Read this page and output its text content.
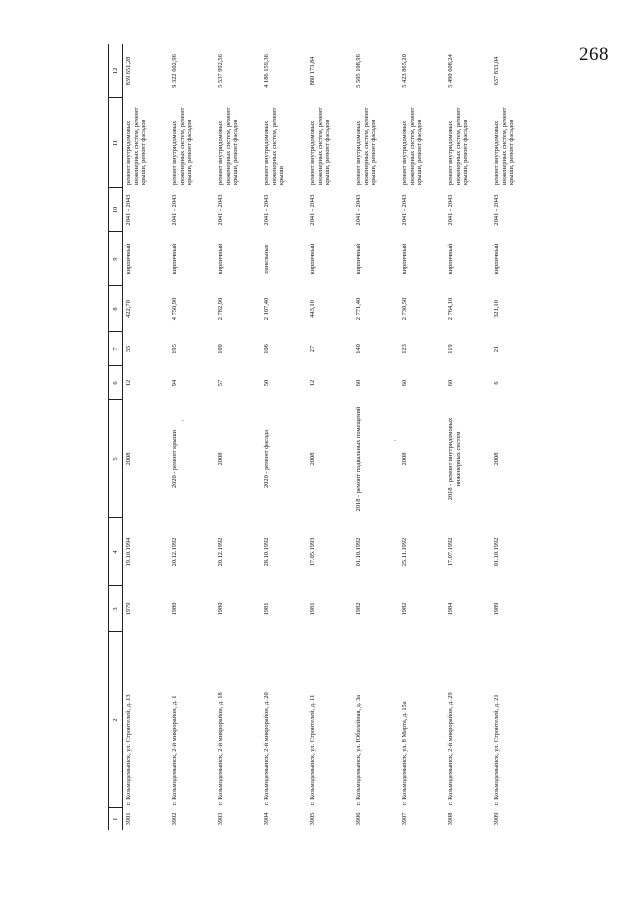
268
1	2	3	4	5	6	7	8	9	10	11	12
3901	г. Козьмодемьянск, ул. Строителей, д. 13	1979	19.10.1994	2008	12	35	422,70	кирпичный	2041 - 2043	ремонт внутридомовых инженерных систем, ремонт крыши, ремонт фасадов	839 651,28
3902	г. Козьмодемьянск, 2-й микрорайон, д. 1	1980	20.12.1992	2020 - ремонт крыши	94	195	4 750,90	кирпичный	2041 - 2043	ремонт внутридомовых инженерных систем, ремонт крыши, ремонт фасадов	9 322 602,96
3903	г. Козьмодемьянск, 2-й микрорайон, д. 18	1980	20.12.1992	2008	57	109	2 782,90	кирпичный	2041 - 2043	ремонт внутридомовых инженерных систем, ремонт крыши, ремонт фасадов	5 537 992,56
3904	г. Козьмодемьянск, 2-й микрорайон, д. 20	1981	28.10.1992	2020 - ремонт фасада	50	106	2 107,40	панельные	2041 - 2043	ремонт внутридомовых инженерных систем, ремонт крыши	4 186 159,36
3905	г. Козьмодемьянск, ул. Строителей, д. 11	1981	17.05.1993	2008	12	27	443,10	кирпичный	2041 - 2043	ремонт внутридомовых инженерных систем, ремонт крыши, ремонт фасадов	880 173,84
3906	г. Козьмодемьянск, ул. Юбилейная, д. 3а	1982	01.10.1992	2018 - ремонт подвальных помещений	60	140	2 771,40	кирпичный	2041 - 2043	ремонт внутридомовых инженерных систем, ремонт крыши, ремонт фасадов	5 505 108,96
3907	г. Козьмодемьянск, ул. 8 Марта, д. 15а	1982	25.11.1992	2008	60	123	2 730,50	кирпичный	2041 - 2043	ремонт внутридомовых инженерных систем, ремонт крыши, ремонт фасадов	5 423 865,20
3908	г. Козьмодемьянск, 2-й микрорайон, д. 29	1984	17.07.1992	2018 - ремонт внутридомовых инженерных систем	60	119	2 764,10	кирпичный	2041 - 2043	ремонт внутридомовых инженерных систем, ремонт крыши, ремонт фасадов	5 490 608,24
3909	г. Козьмодемьянск, ул. Строителей, д. 21	1989	01.10.1992	2008	6	21	321,10	кирпичный	2041 - 2043	ремонт внутридомовых инженерных систем, ремонт крыши, ремонт фасадов	637 833,04
